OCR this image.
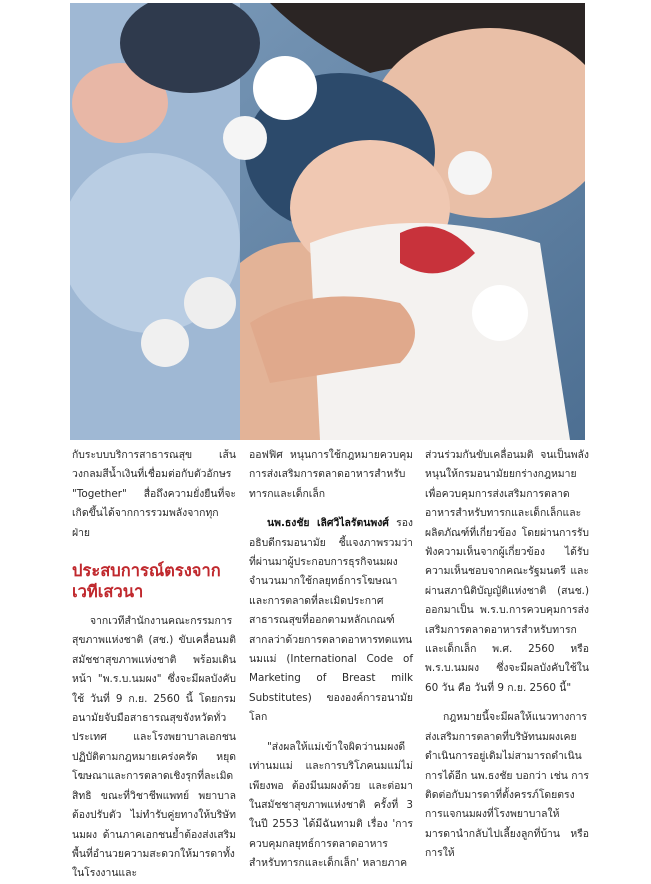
กับระบบบริการสาธารณสุข เส้นวงกลมสีน้ำเงินที่เชื่อมต่อกับตัวอักษร "Together" สื่อถึงความยั่งยืนที่จะเกิดขึ้นได้จากการรวมพลังจากทุกฝ่าย

ประสบการณ์ตรงจากเวทีเสวนา

จากเวทีสำนักงานคณะกรรมการสุขภาพแห่งชาติ (สช.) ขับเคลื่อนมติสมัชชาสุขภาพแห่งชาติ พร้อมเดินหน้า "พ.ร.บ.นมผง" ซึ่งจะมีผลบังคับใช้ วันที่ 9 ก.ย. 2560 นี้ โดยกรมอนามัยจับมือสาธารณสุขจังหวัดทั่วประเทศ และโรงพยาบาลเอกชนปฏิบัติตามกฎหมายเคร่งครัด หยุดโฆษณาและการตลาดเชิงรุกที่ละเมิดสิทธิ ขณะที่วิชาชีพแพทย์ พยาบาล ต้องปรับตัว ไม่ทำรับคู่ยทางให้บริษัทนมผง ด้านภาคเอกชนย้ำต้องส่งเสริมพื้นที่อำนวยความสะดวกให้มารดาทั้งในโรงงานและ

ออฟฟิศ หนุนการใช้กฎหมายควบคุมการส่งเสริมการตลาดอาหารสำหรับทารกและเด็กเล็ก

นพ.ธงชัย เลิศวิไลรัตนพงศ์ รองอธิบดีกรมอนามัย ชี้แจงภาพรวมว่า ที่ผ่านมาผู้ประกอบการธุรกิจนมผงจำนวนมากใช้กลยุทธ์การโฆษณาและการตลาดที่ละเมิดประกาศสาธารณสุขที่ออกตามหลักเกณฑ์สากลว่าด้วยการตลาดอาหารทดแทนนมแม่ (International Code of Marketing of Breast milk Substitutes) ขององค์การอนามัยโลก

"ส่งผลให้แม่เข้าใจผิดว่านมผงดีเท่านมแม่ และการบริโภคนมแม่ไม่เพียงพอ ต้องมีนมผงด้วย และต่อมาในสมัชชาสุขภาพแห่งชาติ ครั้งที่ 3 ในปี 2553 ได้มีฉันทามติ เรื่อง 'การควบคุมกลยุทธ์การตลาดอาหารสำหรับทารกและเด็กเล็ก' หลายภาค

ส่วนร่วมกันขับเคลื่อนมติ จนเป็นพลังหนุนให้กรมอนามัยยกร่างกฎหมายเพื่อควบคุมการส่งเสริมการตลาดอาหารสำหรับทารกและเด็กเล็กและผลิตภัณฑ์ที่เกี่ยวข้อง โดยผ่านการรับฟังความเห็นจากผู้เกี่ยวข้อง ได้รับความเห็นชอบจากคณะรัฐมนตรี และผ่านสภานิติบัญญัติแห่งชาติ (สนช.) ออกมาเป็น พ.ร.บ.การควบคุมการส่งเสริมการตลาดอาหารสำหรับทารกและเด็กเล็ก พ.ศ. 2560 หรือ พ.ร.บ.นมผง ซึ่งจะมีผลบังคับใช้ใน 60 วัน คือ วันที่ 9 ก.ย. 2560 นี้"

กฎหมายนี้จะมีผลให้แนวทางการส่งเสริมการตลาดที่บริษัทนมผงเคยดำเนินการอยู่เดิมไม่สามารถดำเนินการได้อีก นพ.ธงชัย บอกว่า เช่น การติดต่อกับมารดาที่ตั้งครรภ์โดยตรง การแจกนมผงที่โรงพยาบาลให้มารดานำกลับไปเลี้ยงลูกที่บ้าน หรือการให้
